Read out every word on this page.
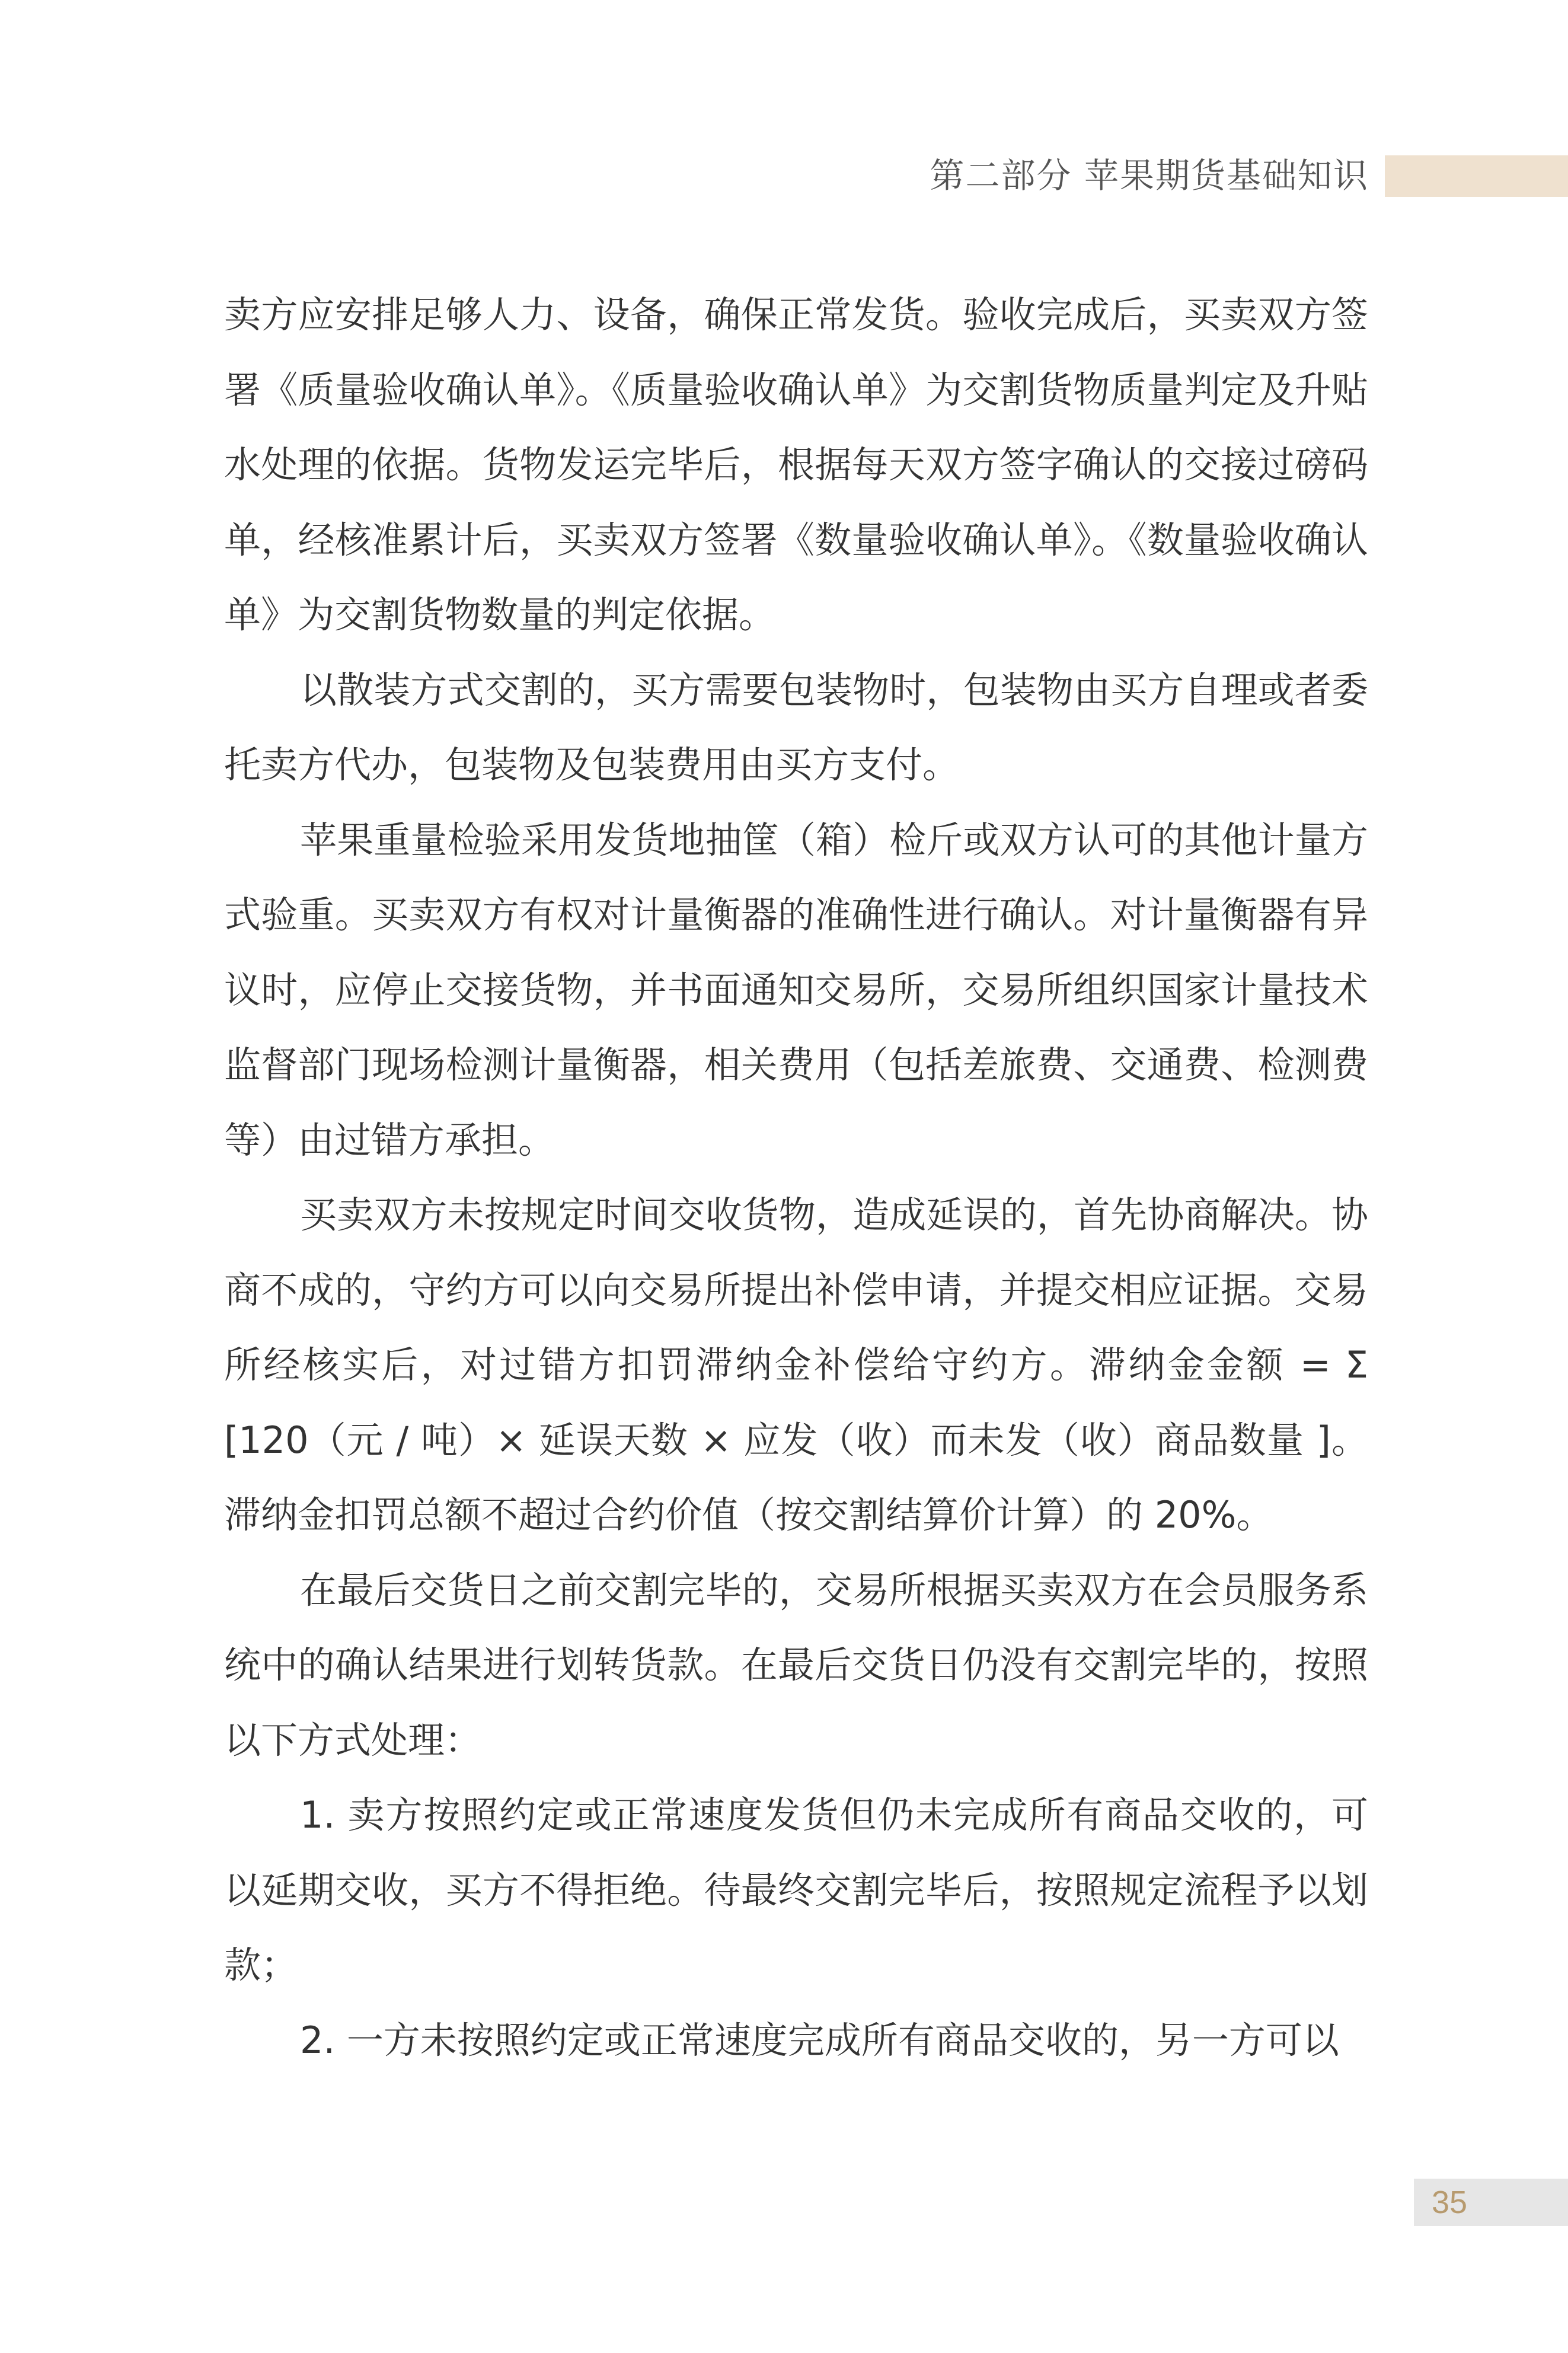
第二部分 苹果期货基础知识

卖方应安排足够人力、设备，确保正常发货。验收完成后，买卖双方签署《质量验收确认单》。《质量验收确认单》为交割货物质量判定及升贴水处理的依据。货物发运完毕后，根据每天双方签字确认的交接过磅码单，经核准累计后，买卖双方签署《数量验收确认单》。《数量验收确认单》为交割货物数量的判定依据。

以散装方式交割的，买方需要包装物时，包装物由买方自理或者委托卖方代办，包装物及包装费用由买方支付。

苹果重量检验采用发货地抽筐（箱）检斤或双方认可的其他计量方式验重。买卖双方有权对计量衡器的准确性进行确认。对计量衡器有异议时，应停止交接货物，并书面通知交易所，交易所组织国家计量技术监督部门现场检测计量衡器，相关费用（包括差旅费、交通费、检测费等）由过错方承担。

买卖双方未按规定时间交收货物，造成延误的，首先协商解决。协商不成的，守约方可以向交易所提出补偿申请，并提交相应证据。交易所经核实后，对过错方扣罚滞纳金补偿给守约方。滞纳金金额 = Σ [120（元 / 吨）× 延误天数 × 应发（收）而未发（收）商品数量 ]。滞纳金扣罚总额不超过合约价值（按交割结算价计算）的 20%。

在最后交货日之前交割完毕的，交易所根据买卖双方在会员服务系统中的确认结果进行划转货款。在最后交货日仍没有交割完毕的，按照以下方式处理：

1. 卖方按照约定或正常速度发货但仍未完成所有商品交收的，可以延期交收，买方不得拒绝。待最终交割完毕后，按照规定流程予以划款；

2. 一方未按照约定或正常速度完成所有商品交收的，另一方可以

35
